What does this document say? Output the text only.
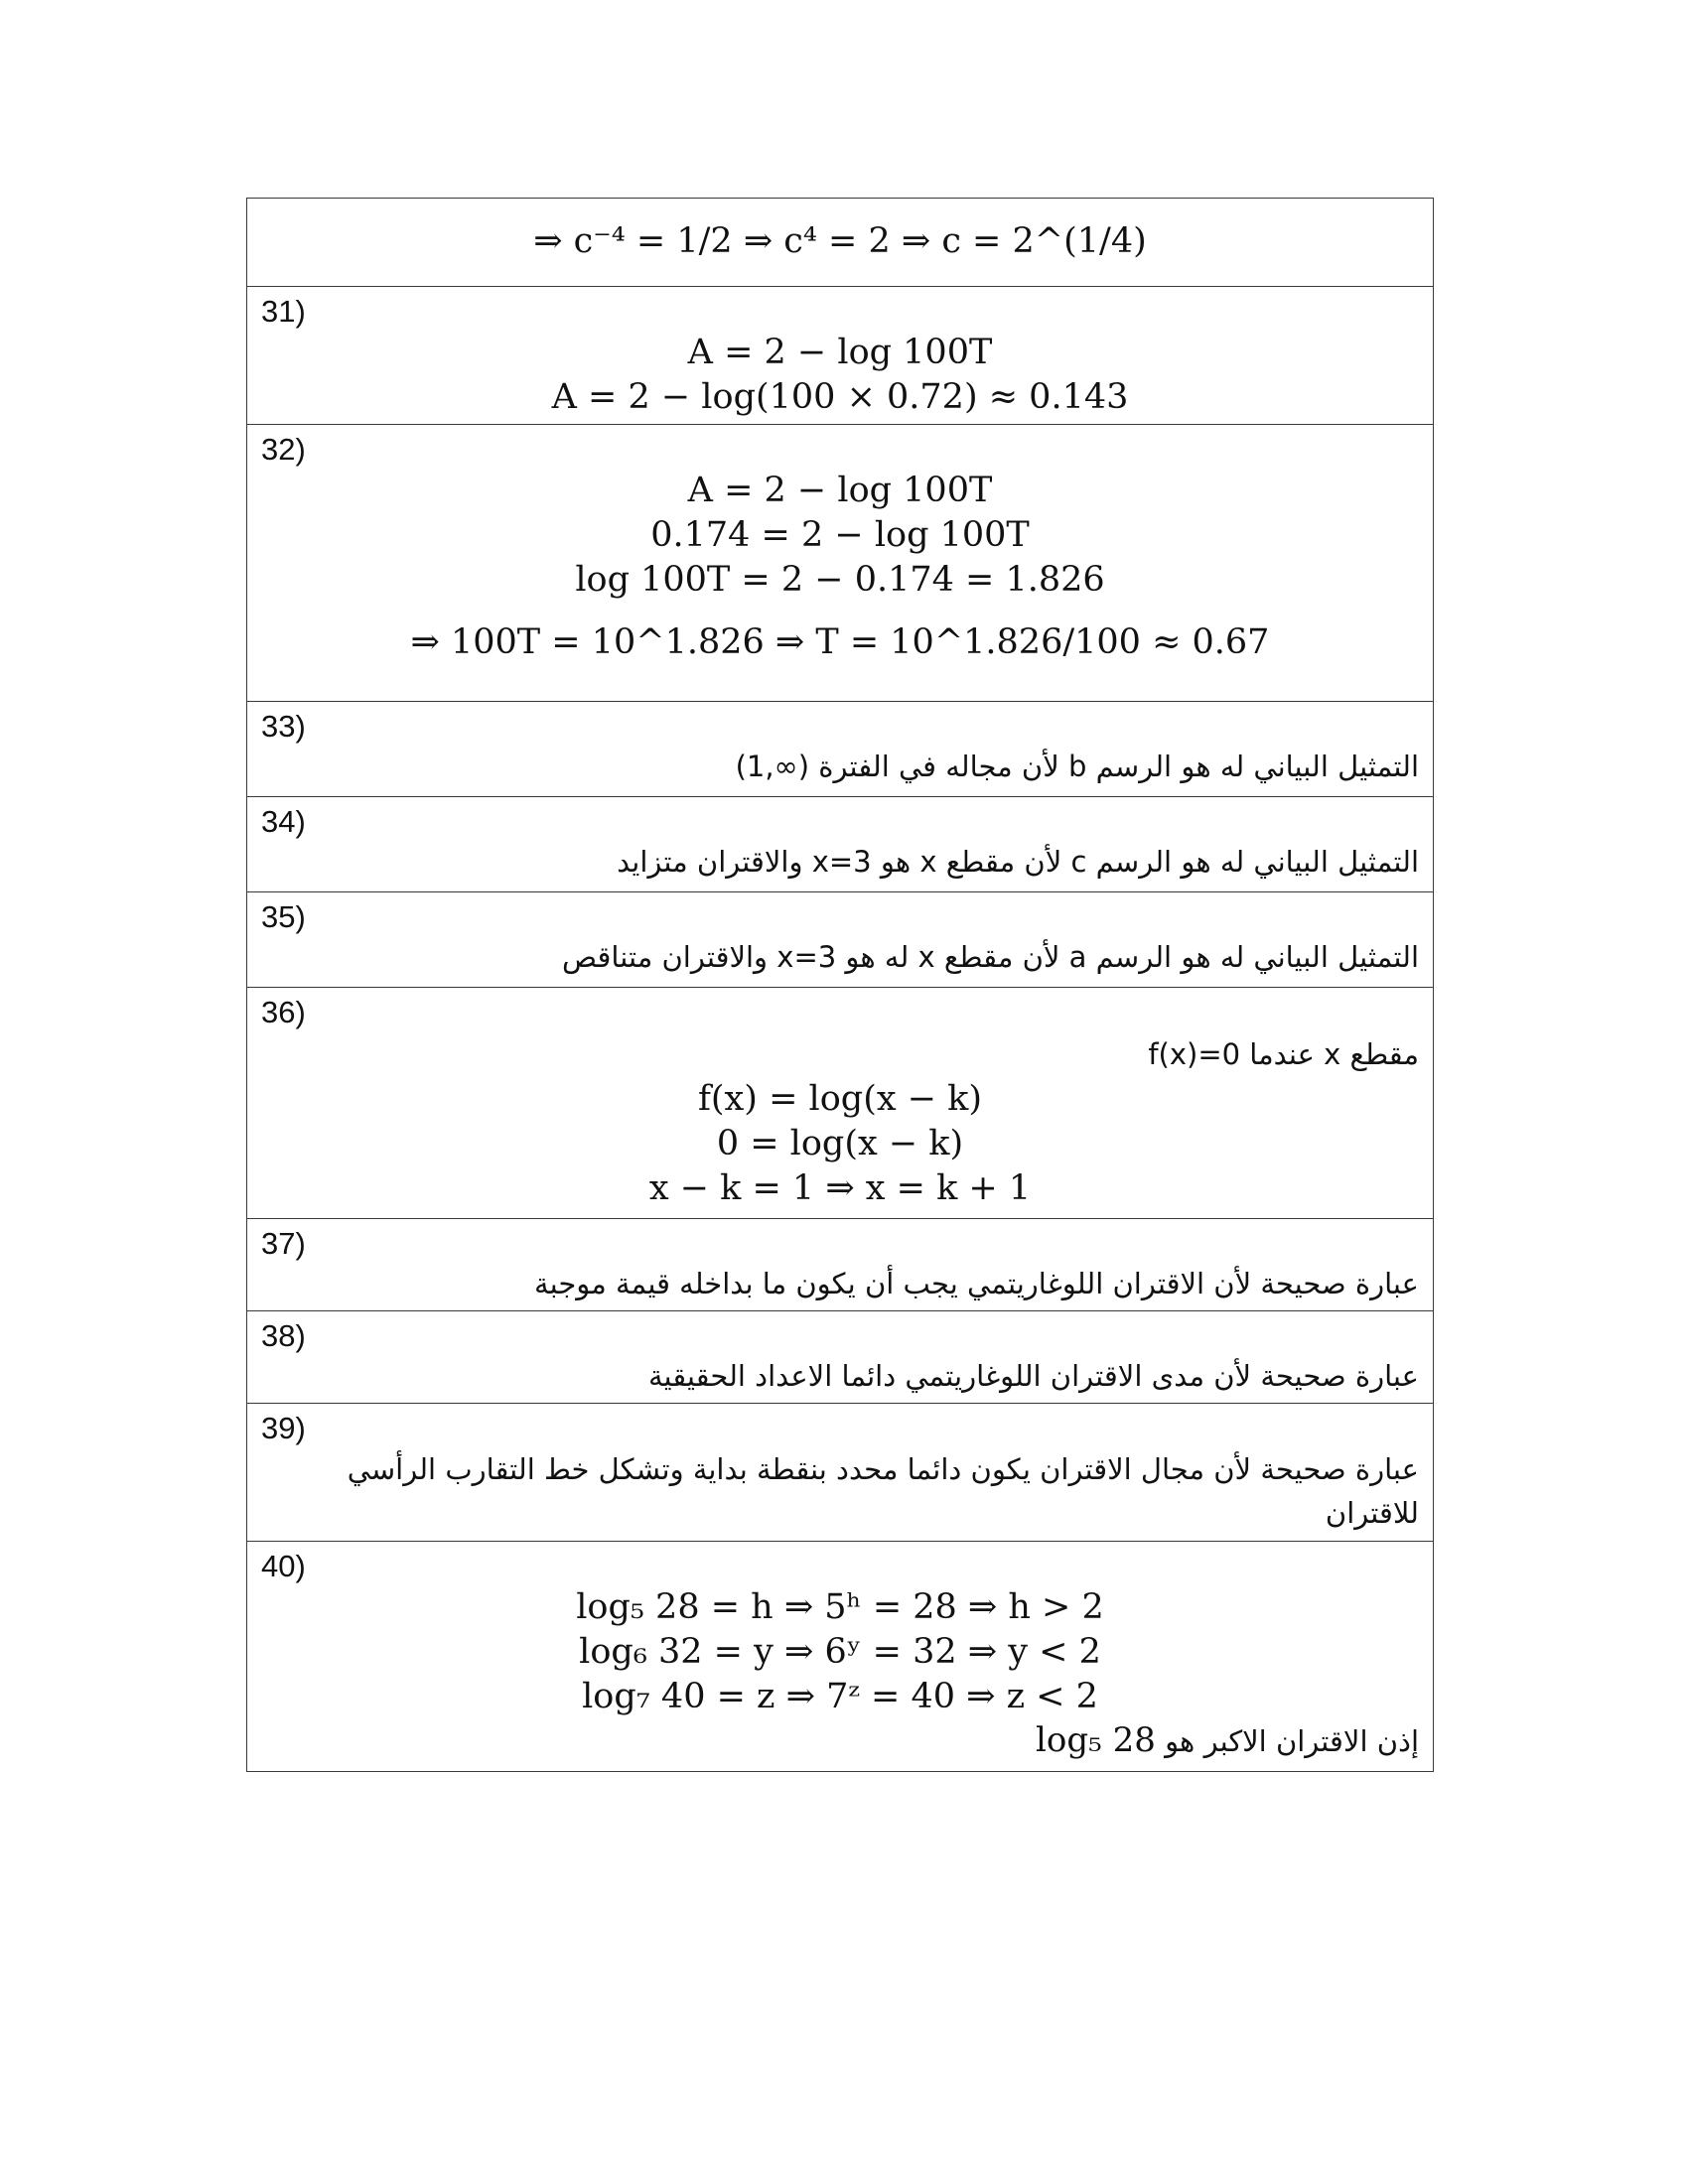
⇒ c⁻⁴ = 1/2 ⇒ c⁴ = 2 ⇒ c = 2^(1/4)

31)
A = 2 − log 100T
A = 2 − log(100 × 0.72) ≈ 0.143

32)
A = 2 − log 100T
0.174 = 2 − log 100T
log 100T = 2 − 0.174 = 1.826
⇒ 100T = 10^1.826 ⇒ T = 10^1.826/100 ≈ 0.67

33)
التمثيل البياني له هو الرسم b لأن مجاله في الفترة (∞,1)

34)
التمثيل البياني له هو الرسم c لأن مقطع x هو x=3 والاقتران متزايد

35)
التمثيل البياني له هو الرسم a لأن مقطع x له هو x=3 والاقتران متناقص

36)
مقطع x عندما f(x)=0
f(x) = log(x − k)
0 = log(x − k)
x − k = 1 ⇒ x = k + 1

37)
عبارة صحيحة لأن الاقتران اللوغاريتمي يجب أن يكون ما بداخله قيمة موجبة

38)
عبارة صحيحة لأن مدى الاقتران اللوغاريتمي دائما الاعداد الحقيقية

39)
عبارة صحيحة لأن مجال الاقتران يكون دائما محدد بنقطة بداية وتشكل خط التقارب الرأسي للاقتران

40)
log₅ 28 = h ⇒ 5ʰ = 28 ⇒ h > 2
log₆ 32 = y ⇒ 6ʸ = 32 ⇒ y < 2
log₇ 40 = z ⇒ 7ᶻ = 40 ⇒ z < 2
إذن الاقتران الاكبر هو log₅ 28
